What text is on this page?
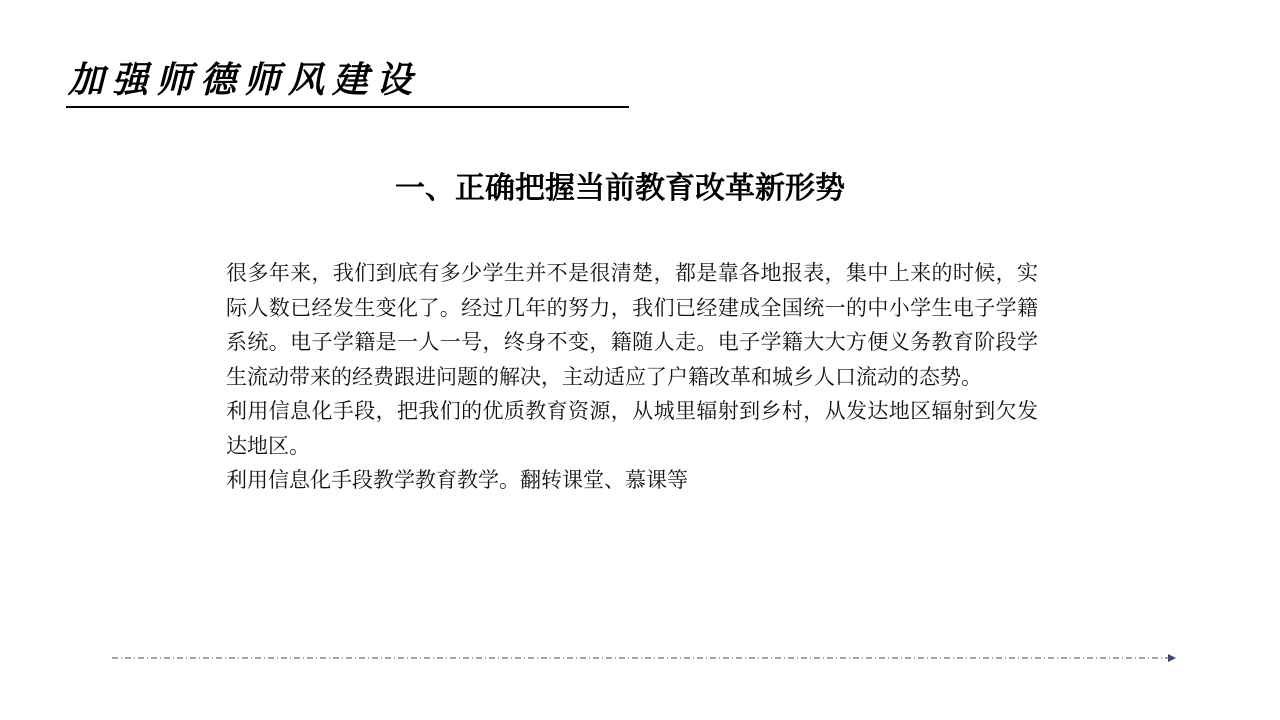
加强师德师风建设
一、正确把握当前教育改革新形势

很多年来，我们到底有多少学生并不是很清楚，都是靠各地报表，集中上来的时候，实际人数已经发生变化了。经过几年的努力，我们已经建成全国统一的中小学生电子学籍系统。电子学籍是一人一号，终身不变，籍随人走。电子学籍大大方便义务教育阶段学生流动带来的经费跟进问题的解决，主动适应了户籍改革和城乡人口流动的态势。

利用信息化手段，把我们的优质教育资源，从城里辐射到乡村，从发达地区辐射到欠发达地区。

利用信息化手段教学教育教学。翻转课堂、慕课等
